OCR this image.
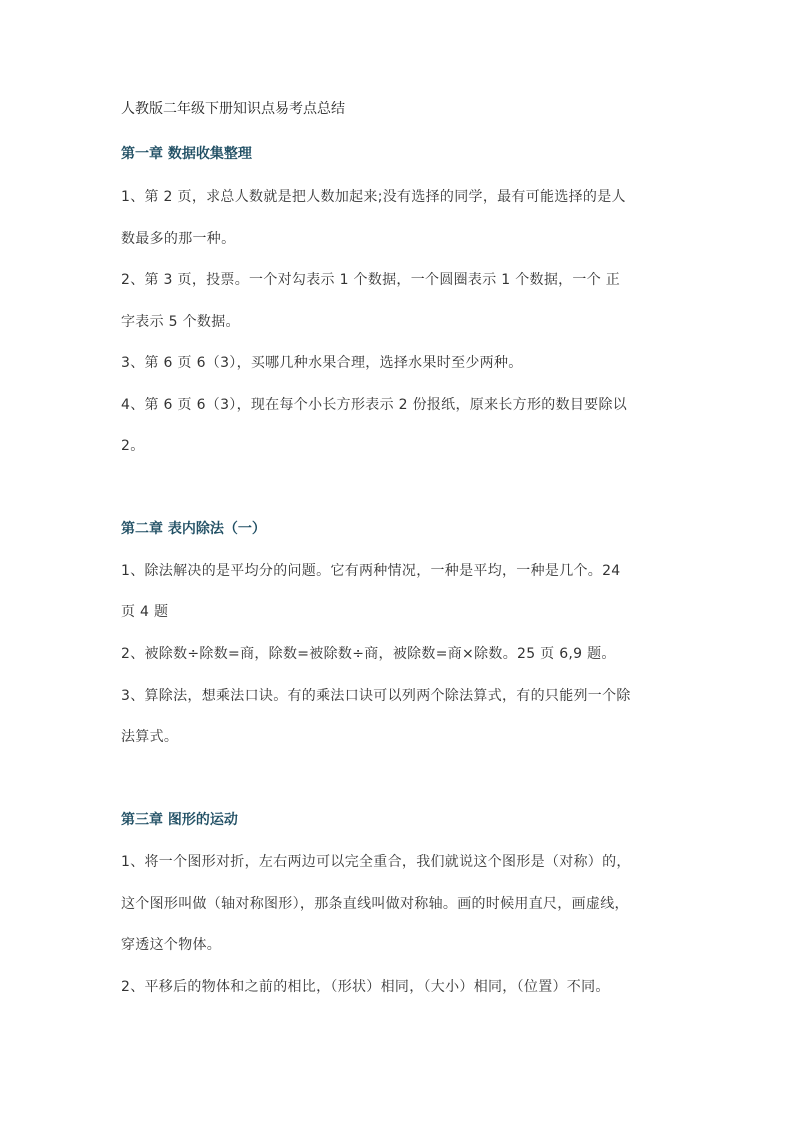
人教版二年级下册知识点易考点总结
第一章 数据收集整理
1、第 2 页，求总人数就是把人数加起来;没有选择的同学，最有可能选择的是人
数最多的那一种。
2、第 3 页，投票。一个对勾表示 1 个数据，一个圆圈表示 1 个数据，一个 正
字表示 5 个数据。
3、第 6 页 6（3），买哪几种水果合理，选择水果时至少两种。
4、第 6 页 6（3），现在每个小长方形表示 2 份报纸，原来长方形的数目要除以
2。
第二章 表内除法（一）
1、除法解决的是平均分的问题。它有两种情况，一种是平均，一种是几个。24
页 4 题
2、被除数÷除数=商，除数=被除数÷商，被除数=商×除数。25 页 6,9 题。
3、算除法，想乘法口诀。有的乘法口诀可以列两个除法算式，有的只能列一个除
法算式。
第三章 图形的运动
1、将一个图形对折，左右两边可以完全重合，我们就说这个图形是（对称）的，
这个图形叫做（轴对称图形），那条直线叫做对称轴。画的时候用直尺，画虚线，
穿透这个物体。
2、平移后的物体和之前的相比，（形状）相同，（大小）相同，（位置）不同。
